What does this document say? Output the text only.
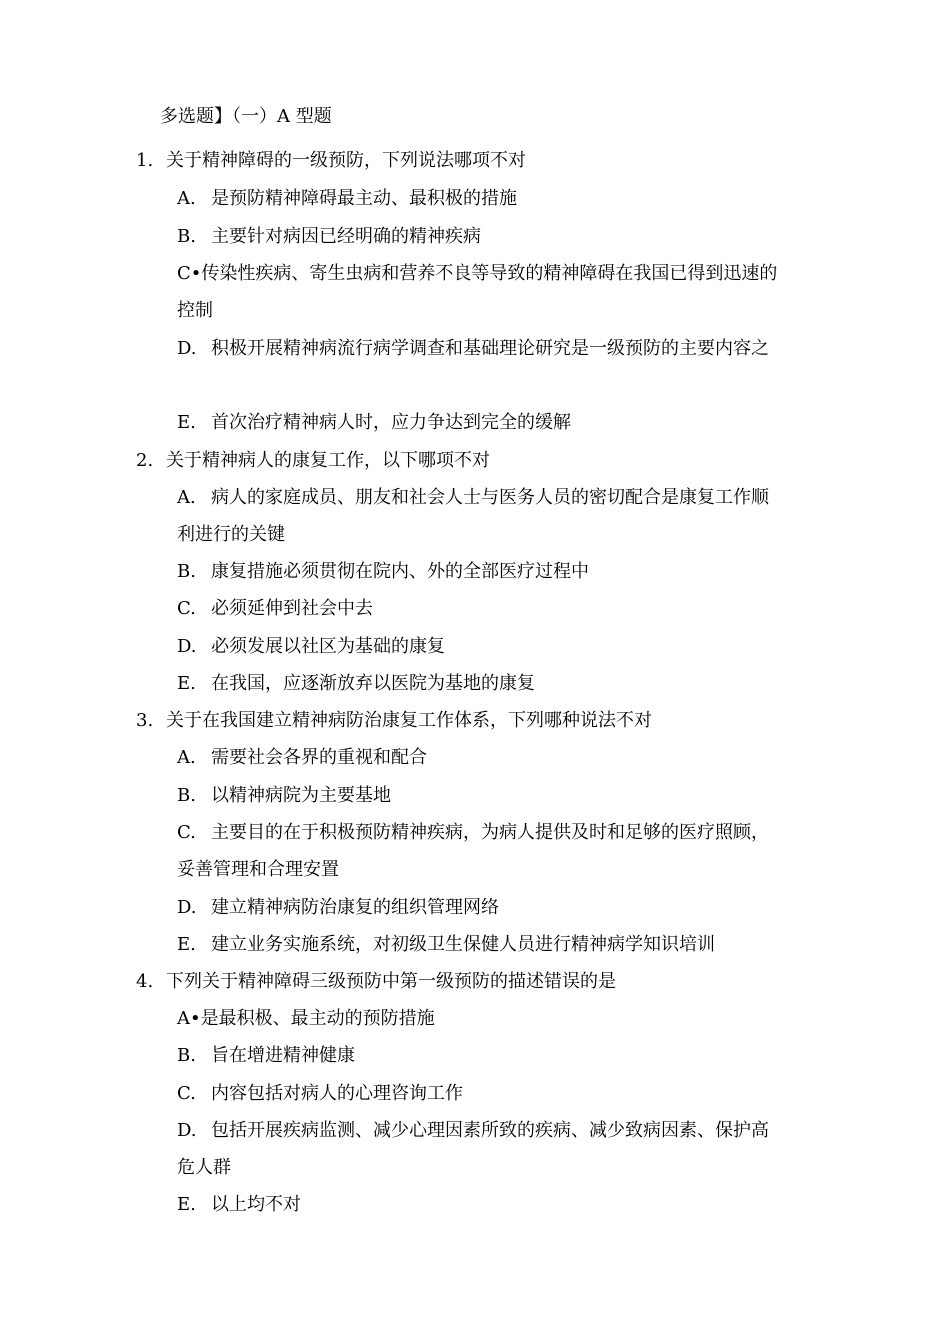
多选题】（一）A 型题
1. 关于精神障碍的一级预防，下列说法哪项不对
A. 是预防精神障碍最主动、最积极的措施
B. 主要针对病因已经明确的精神疾病
C•传染性疾病、寄生虫病和营养不良等导致的精神障碍在我国已得到迅速的
控制
D. 积极开展精神病流行病学调查和基础理论研究是一级预防的主要内容之
E. 首次治疗精神病人时，应力争达到完全的缓解
2. 关于精神病人的康复工作，以下哪项不对
A. 病人的家庭成员、朋友和社会人士与医务人员的密切配合是康复工作顺
利进行的关键
B. 康复措施必须贯彻在院内、外的全部医疗过程中
C. 必须延伸到社会中去
D. 必须发展以社区为基础的康复
E. 在我国，应逐渐放弃以医院为基地的康复
3. 关于在我国建立精神病防治康复工作体系，下列哪种说法不对
A. 需要社会各界的重视和配合
B. 以精神病院为主要基地
C. 主要目的在于积极预防精神疾病，为病人提供及时和足够的医疗照顾，
妥善管理和合理安置
D. 建立精神病防治康复的组织管理网络
E. 建立业务实施系统，对初级卫生保健人员进行精神病学知识培训
4. 下列关于精神障碍三级预防中第一级预防的描述错误的是
A•是最积极、最主动的预防措施
B. 旨在增进精神健康
C. 内容包括对病人的心理咨询工作
D. 包括开展疾病监测、减少心理因素所致的疾病、减少致病因素、保护高
危人群
E. 以上均不对
